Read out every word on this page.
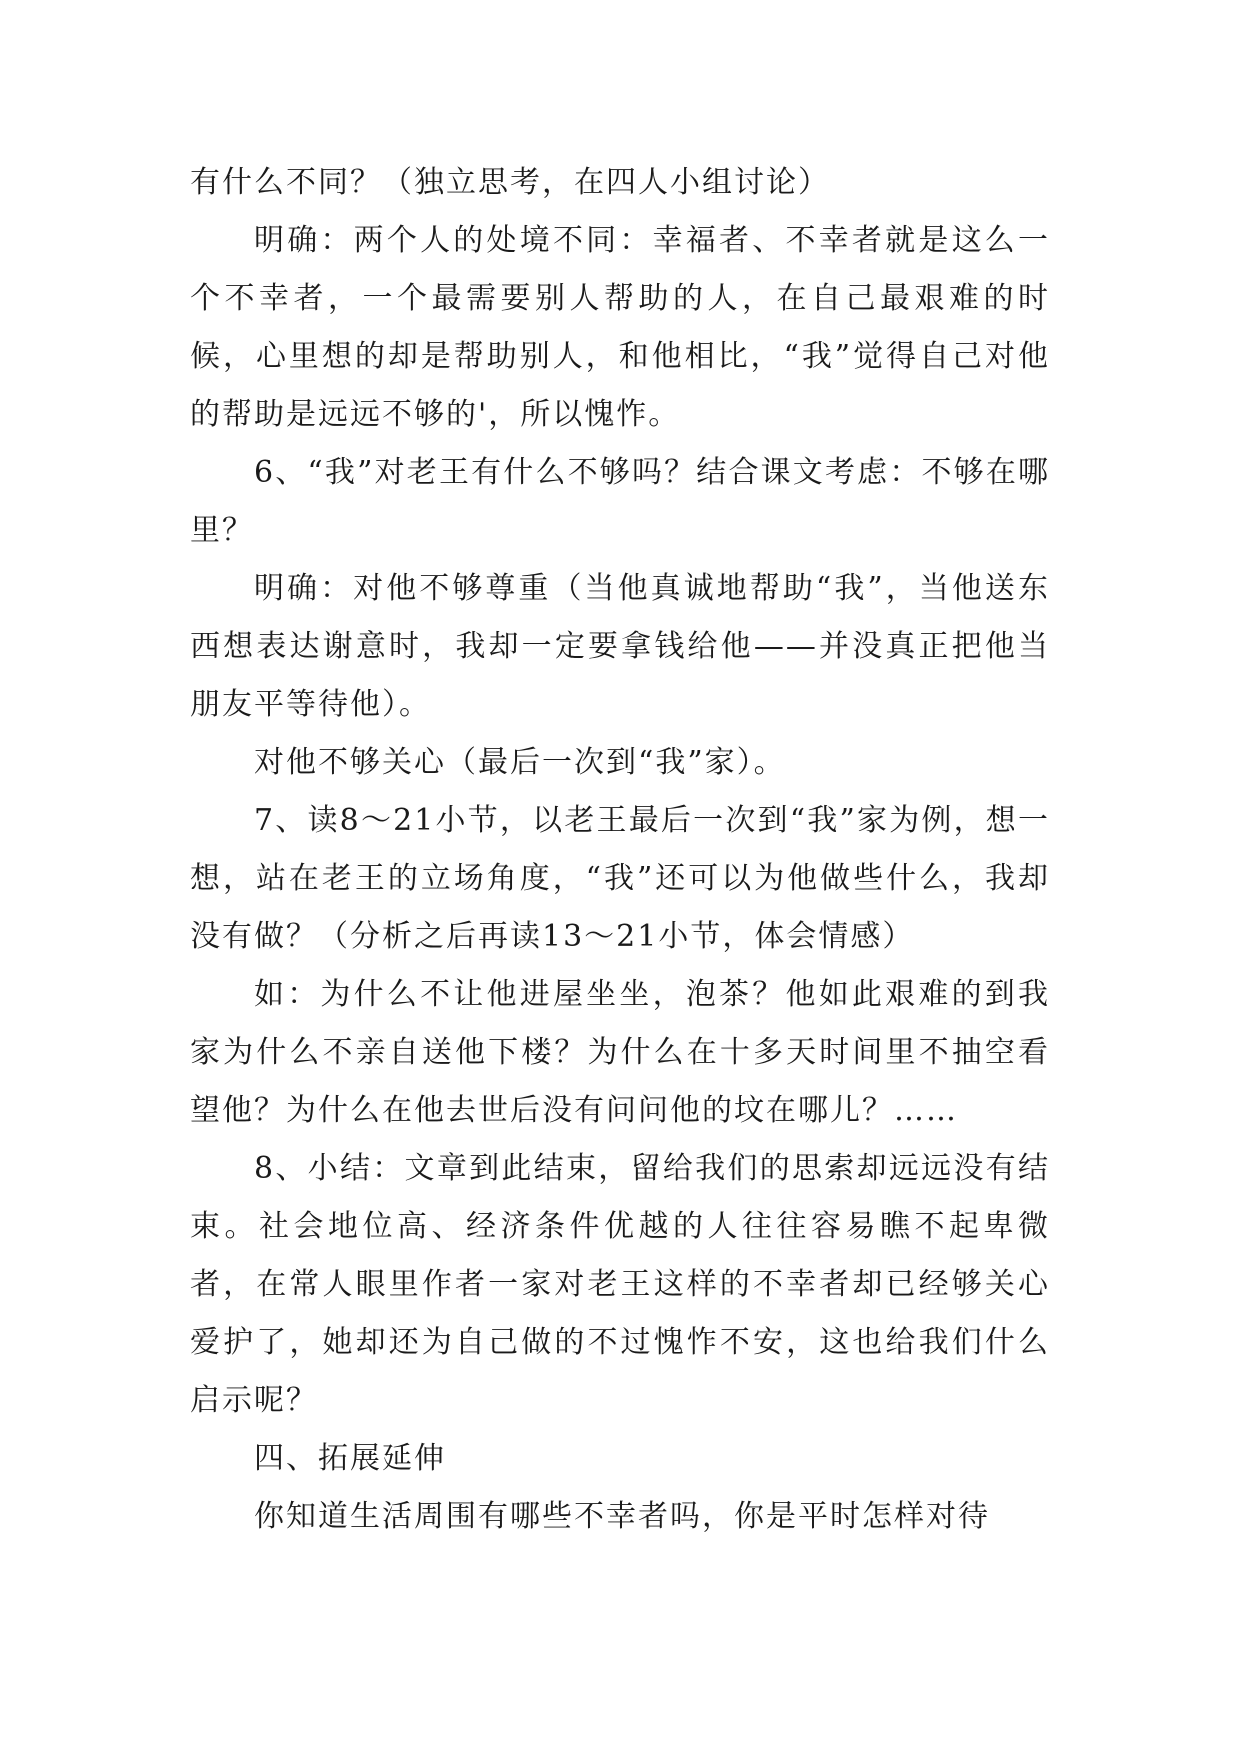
有什么不同？（独立思考，在四人小组讨论）

明确：两个人的处境不同：幸福者、不幸者就是这么一个不幸者，一个最需要别人帮助的人，在自己最艰难的时候，心里想的却是帮助别人，和他相比，“我”觉得自己对他的帮助是远远不够的'，所以愧怍。

6、“我”对老王有什么不够吗？结合课文考虑：不够在哪里？

明确：对他不够尊重（当他真诚地帮助“我”，当他送东西想表达谢意时，我却一定要拿钱给他——并没真正把他当朋友平等待他）。

对他不够关心（最后一次到“我”家）。

7、读8～21小节，以老王最后一次到“我”家为例，想一想，站在老王的立场角度，“我”还可以为他做些什么，我却没有做？（分析之后再读13～21小节，体会情感）

如：为什么不让他进屋坐坐，泡茶？他如此艰难的到我家为什么不亲自送他下楼？为什么在十多天时间里不抽空看望他？为什么在他去世后没有问问他的坟在哪儿？……

8、小结：文章到此结束，留给我们的思索却远远没有结束。社会地位高、经济条件优越的人往往容易瞧不起卑微者，在常人眼里作者一家对老王这样的不幸者却已经够关心爱护了，她却还为自己做的不过愧怍不安，这也给我们什么启示呢？

四、拓展延伸

你知道生活周围有哪些不幸者吗，你是平时怎样对待
